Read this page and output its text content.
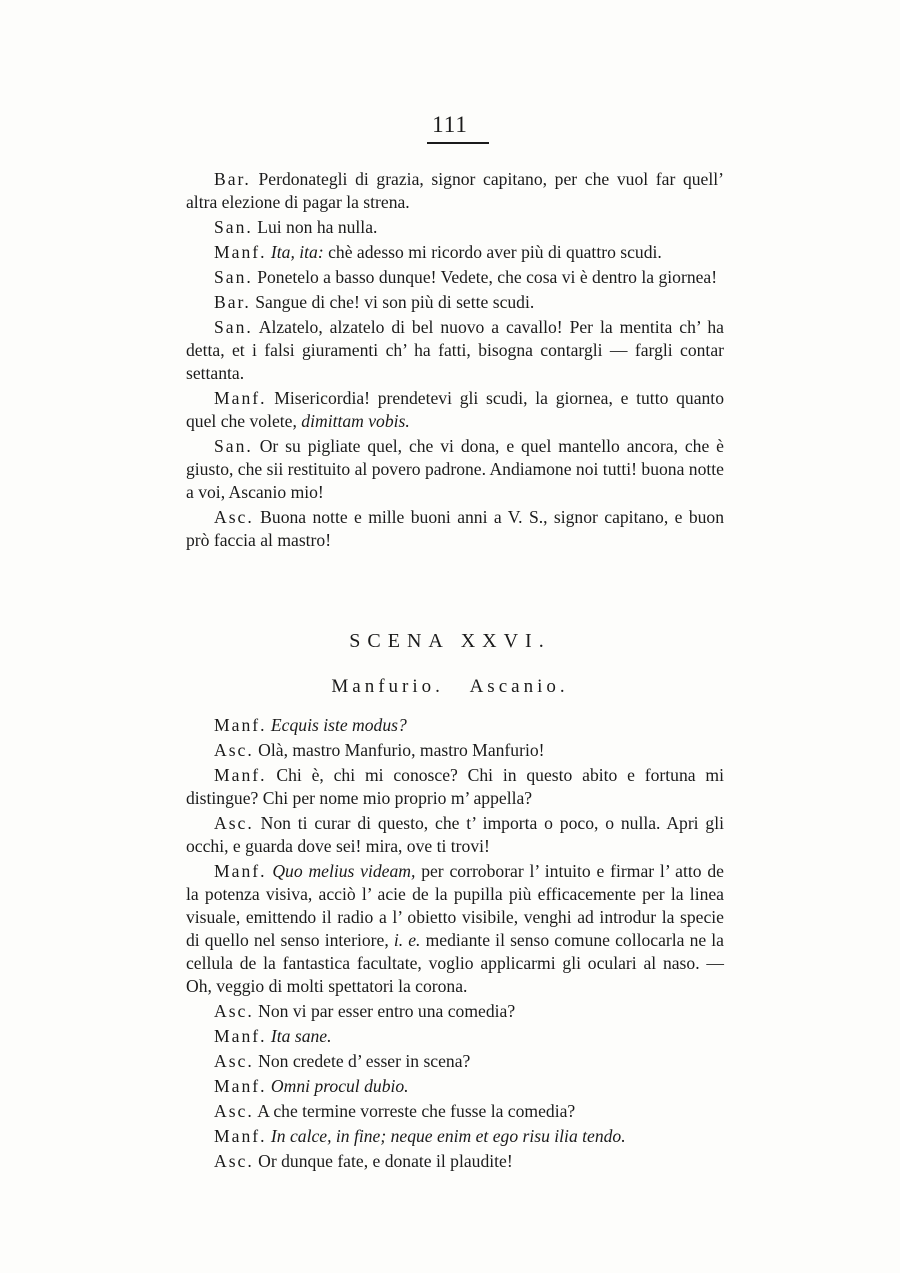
111

Bar. Perdonategli di grazia, signor capitano, per che vuol far quell’ altra elezione di pagar la strena.

San. Lui non ha nulla.

Manf. Ita, ita: chè adesso mi ricordo aver più di quattro scudi.

San. Ponetelo a basso dunque! Vedete, che cosa vi è dentro la giornea!

Bar. Sangue di che! vi son più di sette scudi.

San. Alzatelo, alzatelo di bel nuovo a cavallo! Per la mentita ch’ ha detta, et i falsi giuramenti ch’ ha fatti, bisogna contargli — fargli contar settanta.

Manf. Misericordia! prendetevi gli scudi, la giornea, e tutto quanto quel che volete, dimittam vobis.

San. Or su pigliate quel, che vi dona, e quel mantello ancora, che è giusto, che sii restituito al povero padrone. Andiamone noi tutti! buona notte a voi, Ascanio mio!

Asc. Buona notte e mille buoni anni a V. S., signor capitano, e buon prò faccia al mastro!

SCENA XXVI.
Manfurio. Ascanio.

Manf. Ecquis iste modus?

Asc. Olà, mastro Manfurio, mastro Manfurio!

Manf. Chi è, chi mi conosce? Chi in questo abito e fortuna mi distingue? Chi per nome mio proprio m’ appella?

Asc. Non ti curar di questo, che t’ importa o poco, o nulla. Apri gli occhi, e guarda dove sei! mira, ove ti trovi!

Manf. Quo melius videam, per corroborar l’ intuito e firmar l’ atto de la potenza visiva, acciò l’ acie de la pupilla più efficacemente per la linea visuale, emittendo il radio a l’ obietto visibile, venghi ad introdur la specie di quello nel senso interiore, i. e. mediante il senso comune collocarla ne la cellula de la fantastica facultate, voglio applicarmi gli oculari al naso. — Oh, veggio di molti spettatori la corona.

Asc. Non vi par esser entro una comedia?

Manf. Ita sane.

Asc. Non credete d’ esser in scena?

Manf. Omni procul dubio.

Asc. A che termine vorreste che fusse la comedia?

Manf. In calce, in fine; neque enim et ego risu ilia tendo.

Asc. Or dunque fate, e donate il plaudite!
